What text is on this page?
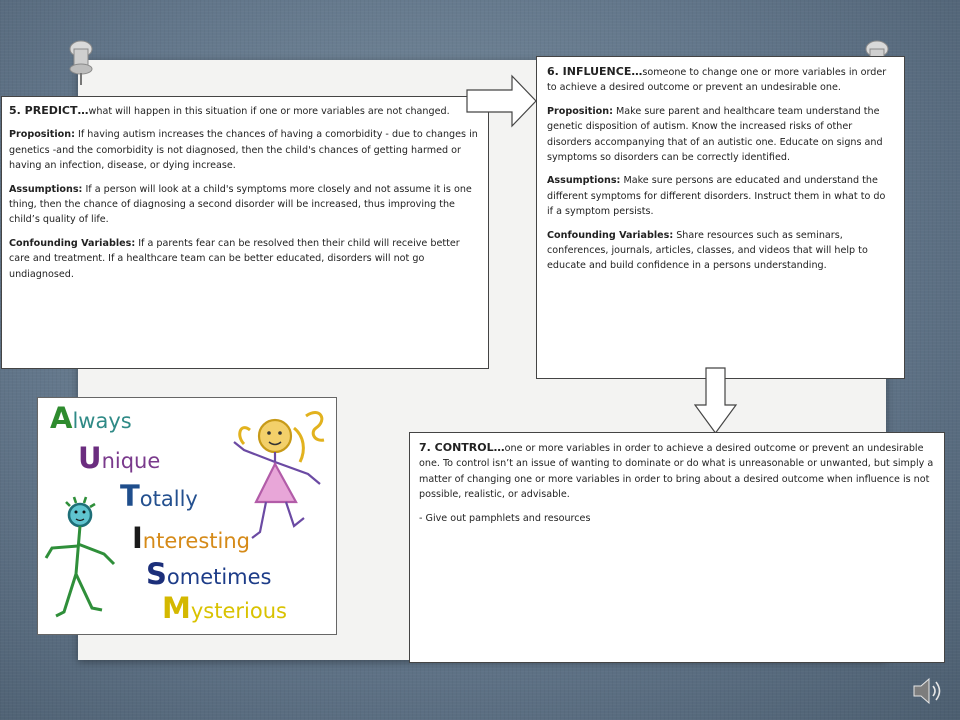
5. PREDICT…what will happen in this situation if one or more variables are not changed.

Proposition: If having autism increases the chances of having a comorbidity - due to changes in genetics -and the comorbidity is not diagnosed, then the child's chances of getting harmed or having an infection, disease, or dying increase.

Assumptions: If a person will look at a child's symptoms more closely and not assume it is one thing, then the chance of diagnosing a second disorder will be increased, thus improving the child’s quality of life.

Confounding Variables: If a parents fear can be resolved then their child will receive better care and treatment. If a healthcare team can be better educated, disorders will not go undiagnosed.

6. INFLUENCE…someone to change one or more variables in order to achieve a desired outcome or prevent an undesirable one.

Proposition: Make sure parent and healthcare team understand the genetic disposition of autism. Know the increased risks of other disorders accompanying that of an autistic one. Educate on signs and symptoms so disorders can be correctly identified.

Assumptions: Make sure persons are educated and understand the different symptoms for different disorders. Instruct them in what to do if a symptom persists.

Confounding Variables: Share resources such as seminars, conferences, journals, articles, classes, and videos that will help to educate and build confidence in a persons understanding.

7. CONTROL…one or more variables in order to achieve a desired outcome or prevent an undesirable one. To control isn’t an issue of wanting to dominate or do what is unreasonable or unwanted, but simply a matter of changing one or more variables in order to bring about a desired outcome when influence is not possible, realistic, or advisable.

- Give out pamphlets and resources

Always
Unique
Totally
Interesting
Sometimes
Mysterious
